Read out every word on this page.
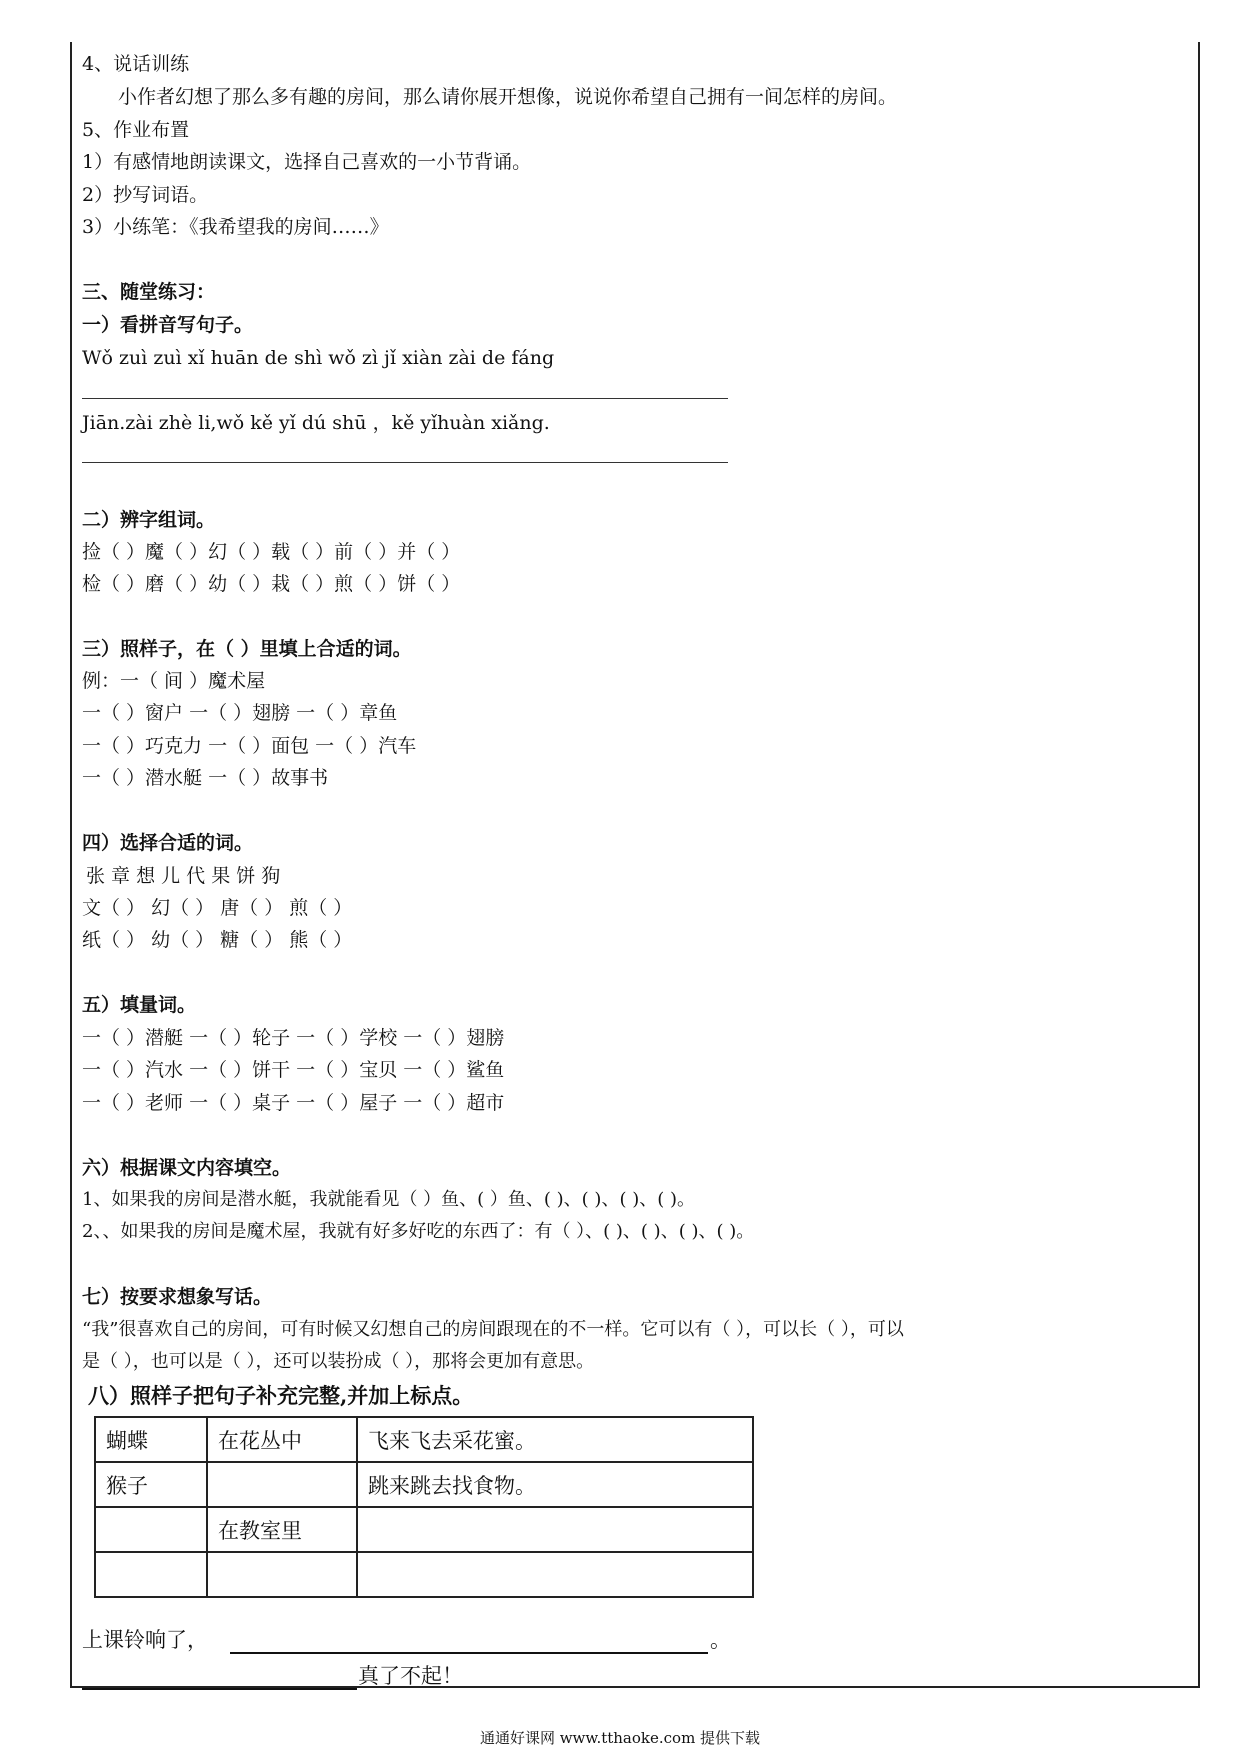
4、说话训练
小作者幻想了那么多有趣的房间，那么请你展开想像，说说你希望自己拥有一间怎样的房间。
5、作业布置
1）有感情地朗读课文，选择自己喜欢的一小节背诵。
2）抄写词语。
3）小练笔：《我希望我的房间……》
三、随堂练习：
一）看拼音写句子。
Wǒ zuì zuì xǐ huān de shì wǒ zì jǐ xiàn zài de fáng
Jiān.zài zhè li,wǒ kě yǐ dú shū ，kě yǐhuàn xiǎng.
二）辨字组词。
捡（ ）魔（ ）幻（ ）载（ ）前（ ）并（ ）
检（ ）磨（ ）幼（ ）栽（ ）煎（ ）饼（ ）
三）照样子，在（ ）里填上合适的词。
例：一（ 间 ）魔术屋
一（ ）窗户 一（ ）翅膀 一（ ）章鱼
一（ ）巧克力 一（ ）面包 一（ ）汽车
一（ ）潜水艇 一（ ）故事书
四）选择合适的词。
张 章 想 儿 代 果 饼 狗
文（ ） 幻（ ） 唐（ ） 煎（ ）
纸（ ） 幼（ ） 糖（ ） 熊（ ）
五）填量词。
一（ ）潜艇 一（ ）轮子 一（ ）学校 一（ ）翅膀
一（ ）汽水 一（ ）饼干 一（ ）宝贝 一（ ）鲨鱼
一（ ）老师 一（ ）桌子 一（ ）屋子 一（ ）超市
六）根据课文内容填空。
1、如果我的房间是潜水艇，我就能看见（ ）鱼、( ）鱼、( )、( )、( )、( )。
2、、如果我的房间是魔术屋，我就有好多好吃的东西了：有（ ）、( )、( )、( )、( )。
七）按要求想象写话。
“我”很喜欢自己的房间，可有时候又幻想自己的房间跟现在的不一样。它可以有（ ），可以长（ ），可以
是（ ），也可以是（ ），还可以装扮成（ ），那将会更加有意思。
八）照样子把句子补充完整,并加上标点。
蝴蝶	在花丛中	飞来飞去采花蜜。
猴子		跳来跳去找食物。
	在教室里	

上课铃响了，	。
真了不起！
通通好课网 www.tthaoke.com 提供下载
